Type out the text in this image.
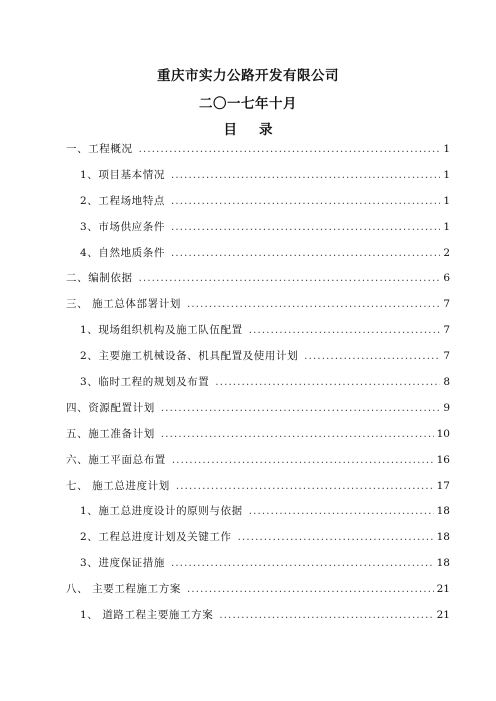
重庆市实力公路开发有限公司
二〇一七年十月
目录
一、工程概况 .....	1
1、项目基本情况 .....	1
2、工程场地特点 .....	1
3、市场供应条件 .....	1
4、自然地质条件 .....	2
二、编制依据 .....	6
三、 施工总体部署计划 .....	7
1、现场组织机构及施工队伍配置 .....	7
2、主要施工机械设备、机具配置及使用计划 .....	7
3、临时工程的规划及布置 .....	8
四、资源配置计划 .....	9
五、施工准备计划 .....	10
六、施工平面总布置 .....	16
七、 施工总进度计划 .....	17
1、施工总进度设计的原则与依据 .....	18
2、工程总进度计划及关键工作 .....	18
3、进度保证措施 .....	18
八、 主要工程施工方案 .....	21
1、 道路工程主要施工方案 .....	21
